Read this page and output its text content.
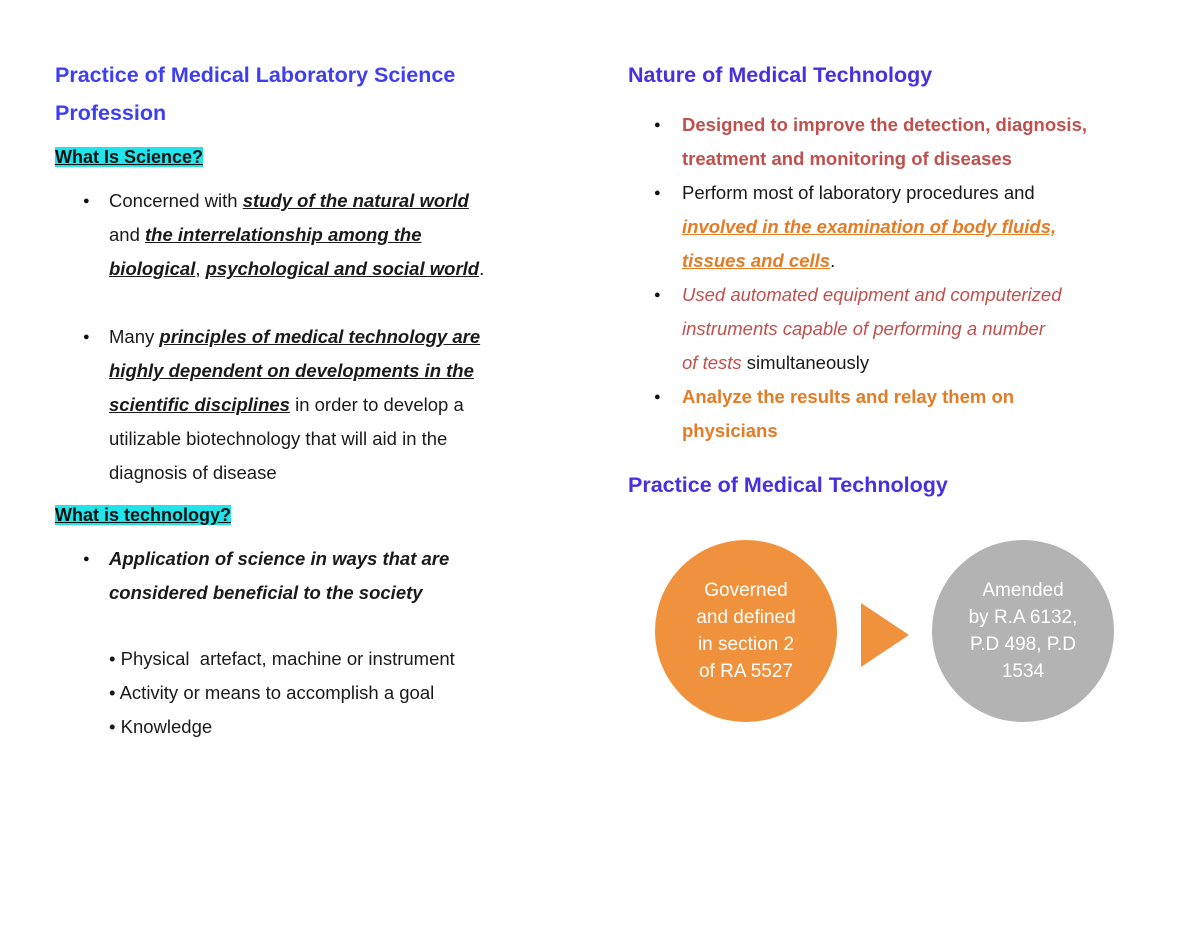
Practice of Medical Laboratory Science
Profession

What Is Science?

● Concerned with study of the natural world
and the interrelationship among the
biological, psychological and social world.
● Many principles of medical technology are
highly dependent on developments in the
scientific disciplines in order to develop a
utilizable biotechnology that will aid in the
diagnosis of disease

What is technology?

● Application of science in ways that are
considered beneficial to the society

• Physical  artefact, machine or instrument

• Activity or means to accomplish a goal

• Knowledge

Nature of Medical Technology

● Designed to improve the detection, diagnosis,
treatment and monitoring of diseases
● Perform most of laboratory procedures and
involved in the examination of body fluids,
tissues and cells.
● Used automated equipment and computerized
instruments capable of performing a number
of tests simultaneously
● Analyze the results and relay them on
physicians

Practice of Medical Technology

Governed
and defined
in section 2
of RA 5527
Amended
by R.A 6132,
P.D 498, P.D
1534
